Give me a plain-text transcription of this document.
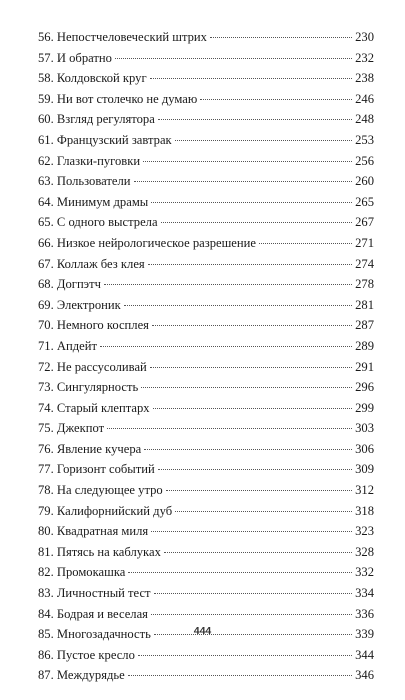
56. Непостчеловеческий штрих	230
57. И обратно	232
58. Колдовской круг	238
59. Ни вот столечко не думаю	246
60. Взгляд регулятора	248
61. Французский завтрак	253
62. Глазки-пуговки	256
63. Пользователи	260
64. Минимум драмы	265
65. С одного выстрела	267
66. Низкое нейрологическое разрешение	271
67. Коллаж без клея	274
68. Догпэтч	278
69. Электроник	281
70. Немного косплея	287
71. Апдейт	289
72. Не рассусоливай	291
73. Сингулярность	296
74. Старый клептарх	299
75. Джекпот	303
76. Явление кучера	306
77. Горизонт событий	309
78. На следующее утро	312
79. Калифорнийский дуб	318
80. Квадратная миля	323
81. Пятясь на каблуках	328
82. Промокашка	332
83. Личностный тест	334
84. Бодрая и веселая	336
85. Многозадачность	339
86. Пустое кресло	344
87. Междурядье	346
444
